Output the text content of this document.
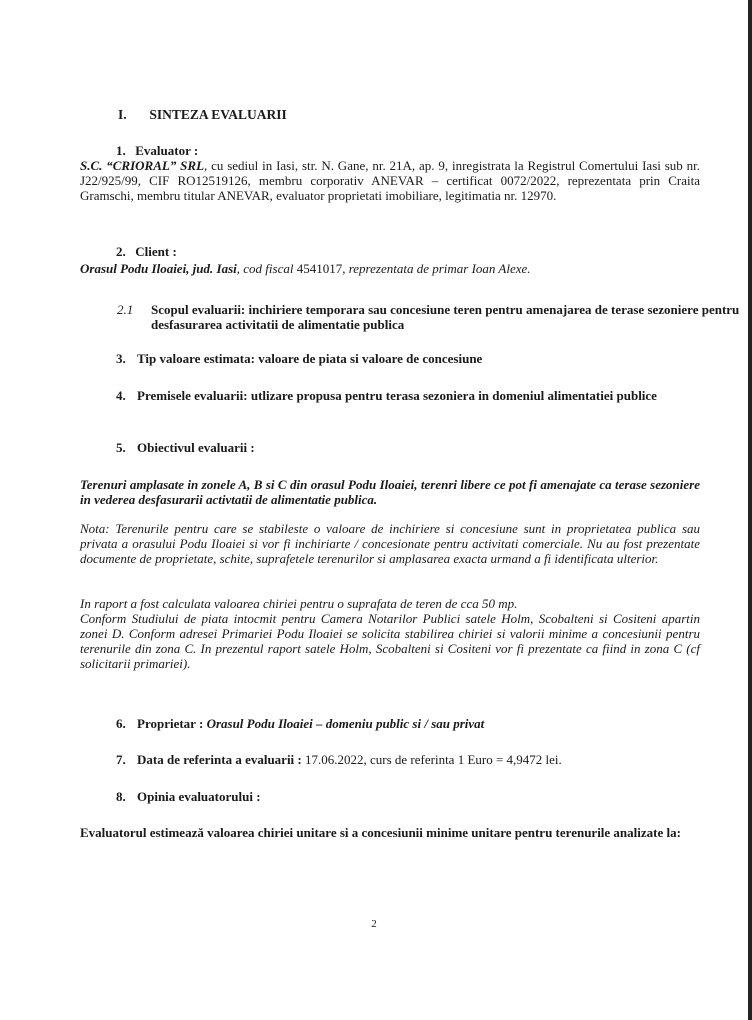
I. SINTEZA EVALUARII
1. Evaluator :
S.C. “CRIORAL” SRL, cu sediul in Iasi, str. N. Gane, nr. 21A, ap. 9, inregistrata la Registrul Comertului Iasi sub nr. J22/925/99, CIF RO12519126, membru corporativ ANEVAR – certificat 0072/2022, reprezentata prin Craita Gramschi, membru titular ANEVAR, evaluator proprietati imobiliare, legitimatia nr. 12970.
2. Client :
Orasul Podu Iloaiei, jud. Iasi, cod fiscal 4541017, reprezentata de primar Ioan Alexe.
2.1 Scopul evaluarii: inchiriere temporara sau concesiune teren pentru amenajarea de terase sezoniere pentru desfasurarea activitatii de alimentatie publica
3. Tip valoare estimata: valoare de piata si valoare de concesiune
4. Premisele evaluarii: utlizare propusa pentru terasa sezoniera in domeniul alimentatiei publice
5. Obiectivul evaluarii :
Terenuri amplasate in zonele A, B si C din orasul Podu Iloaiei, terenri libere ce pot fi amenajate ca terase sezoniere in vederea desfasurarii activtatii de alimentatie publica.
Nota: Terenurile pentru care se stabileste o valoare de inchiriere si concesiune sunt in proprietatea publica sau privata a orasului Podu Iloaiei si vor fi inchiriarte / concesionate pentru activitati comerciale. Nu au fost prezentate documente de proprietate, schite, suprafetele terenurilor si amplasarea exacta urmand a fi identificata ulterior.
In raport a fost calculata valoarea chiriei pentru o suprafata de teren de cca 50 mp.
Conform Studiului de piata intocmit pentru Camera Notarilor Publici satele Holm, Scobalteni si Cositeni apartin zonei D. Conform adresei Primariei Podu Iloaiei se solicita stabilirea chiriei si valorii minime a concesiunii pentru terenurile din zona C. In prezentul raport satele Holm, Scobalteni si Cositeni vor fi prezentate ca fiind in zona C (cf solicitarii primariei).
6. Proprietar : Orasul Podu Iloaiei – domeniu public si / sau privat
7. Data de referinta a evaluarii : 17.06.2022, curs de referinta 1 Euro = 4,9472 lei.
8. Opinia evaluatorului :
Evaluatorul estimează valoarea chiriei unitare si a concesiunii minime unitare pentru terenurile analizate la:
2
